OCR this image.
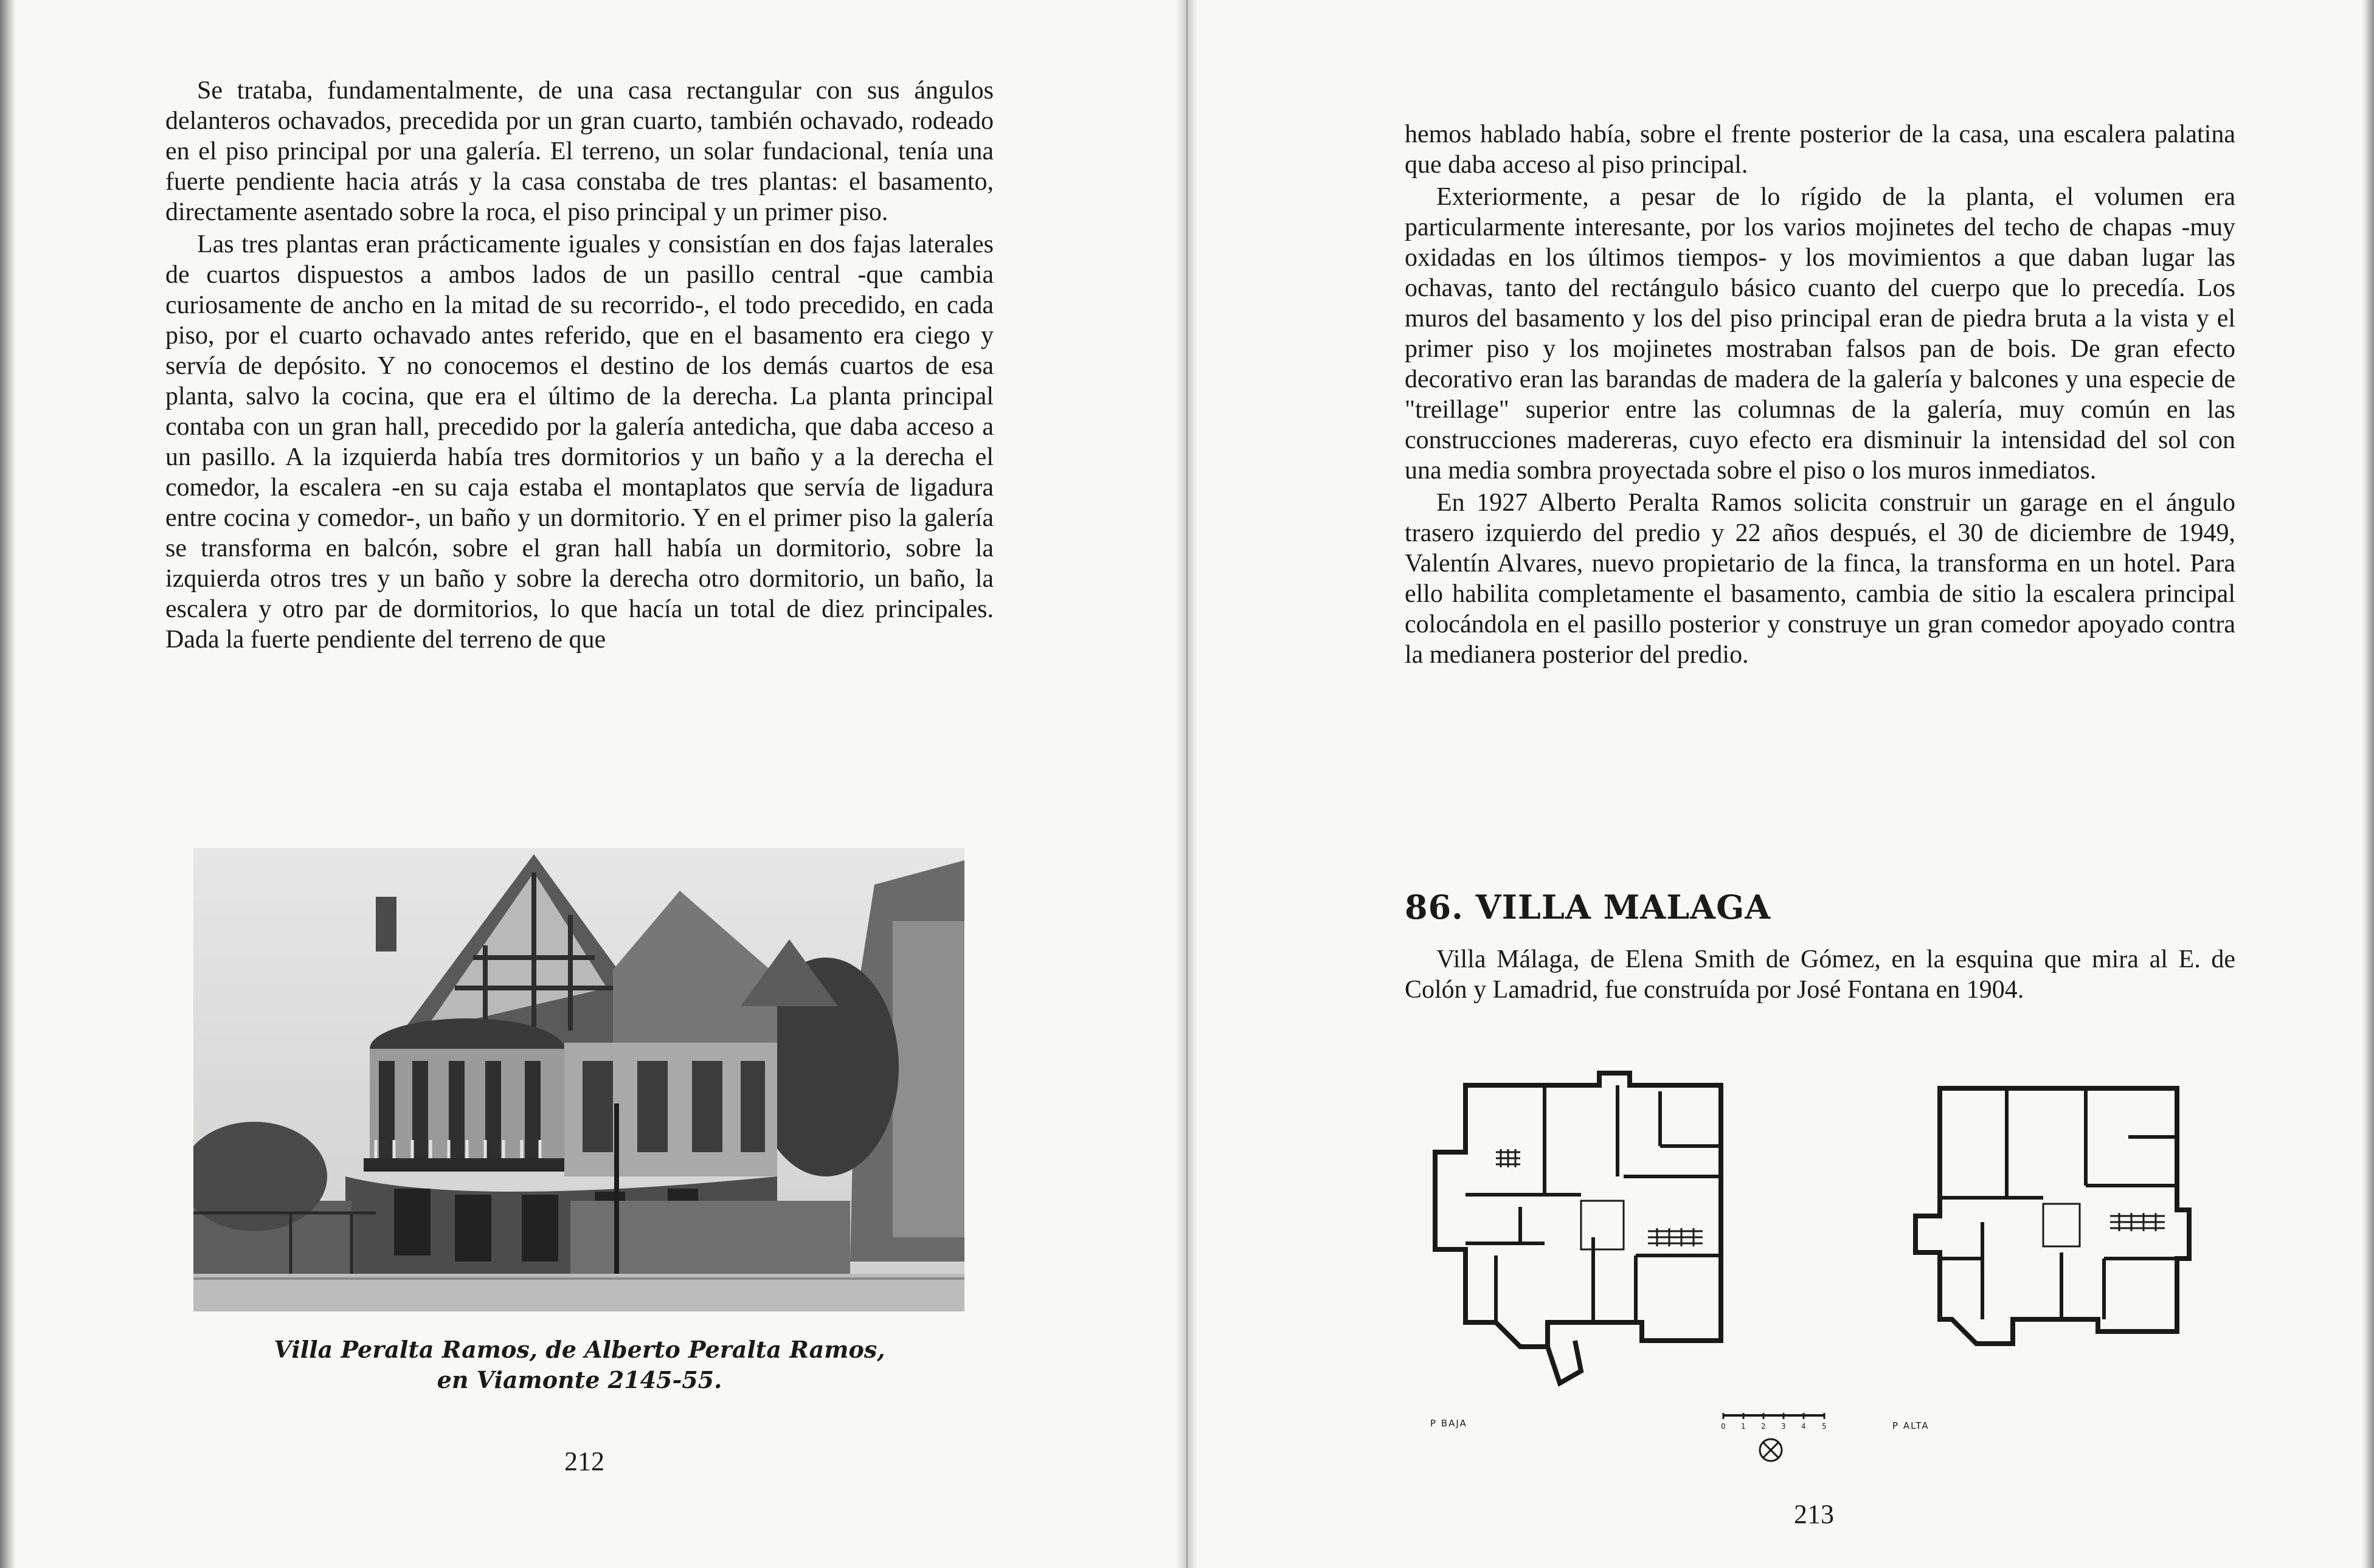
Se trataba, fundamentalmente, de una casa rectangular con sus ángulos delanteros ochavados, precedida por un gran cuarto, también ochavado, rodeado en el piso principal por una galería. El terreno, un solar fundacional, tenía una fuerte pendiente hacia atrás y la casa constaba de tres plantas: el basamento, directamente asentado sobre la roca, el piso principal y un primer piso.

Las tres plantas eran prácticamente iguales y consistían en dos fajas laterales de cuartos dispuestos a ambos lados de un pasillo central -que cambia curiosamente de ancho en la mitad de su recorrido-, el todo precedido, en cada piso, por el cuarto ochavado antes referido, que en el basamento era ciego y servía de depósito. Y no conocemos el destino de los demás cuartos de esa planta, salvo la cocina, que era el último de la derecha. La planta principal contaba con un gran hall, precedido por la galería antedicha, que daba acceso a un pasillo. A la izquierda había tres dormitorios y un baño y a la derecha el comedor, la escalera -en su caja estaba el montaplatos que servía de ligadura entre cocina y comedor-, un baño y un dormitorio. Y en el primer piso la galería se transforma en balcón, sobre el gran hall había un dormitorio, sobre la izquierda otros tres y un baño y sobre la derecha otro dormitorio, un baño, la escalera y otro par de dormitorios, lo que hacía un total de diez principales. Dada la fuerte pendiente del terreno de que

Villa Peralta Ramos, de Alberto Peralta Ramos,
en Viamonte 2145-55.
212

hemos hablado había, sobre el frente posterior de la casa, una escalera palatina que daba acceso al piso principal.

Exteriormente, a pesar de lo rígido de la planta, el volumen era particularmente interesante, por los varios mojinetes del techo de chapas -muy oxidadas en los últimos tiempos- y los movimientos a que daban lugar las ochavas, tanto del rectángulo básico cuanto del cuerpo que lo precedía. Los muros del basamento y los del piso principal eran de piedra bruta a la vista y el primer piso y los mojinetes mostraban falsos pan de bois. De gran efecto decorativo eran las barandas de madera de la galería y balcones y una especie de "treillage" superior entre las columnas de la galería, muy común en las construcciones madereras, cuyo efecto era disminuir la intensidad del sol con una media sombra proyectada sobre el piso o los muros inmediatos.

En 1927 Alberto Peralta Ramos solicita construir un garage en el ángulo trasero izquierdo del predio y 22 años después, el 30 de diciembre de 1949, Valentín Alvares, nuevo propietario de la finca, la transforma en un hotel. Para ello habilita completamente el basamento, cambia de sitio la escalera principal colocándola en el pasillo posterior y construye un gran comedor apoyado contra la medianera posterior del predio.

86. VILLA MALAGA

Villa Málaga, de Elena Smith de Gómez, en la esquina que mira al E. de Colón y Lamadrid, fue construída por José Fontana en 1904.

P BAJA	P ALTA
0 1 2 3 4 5
213
